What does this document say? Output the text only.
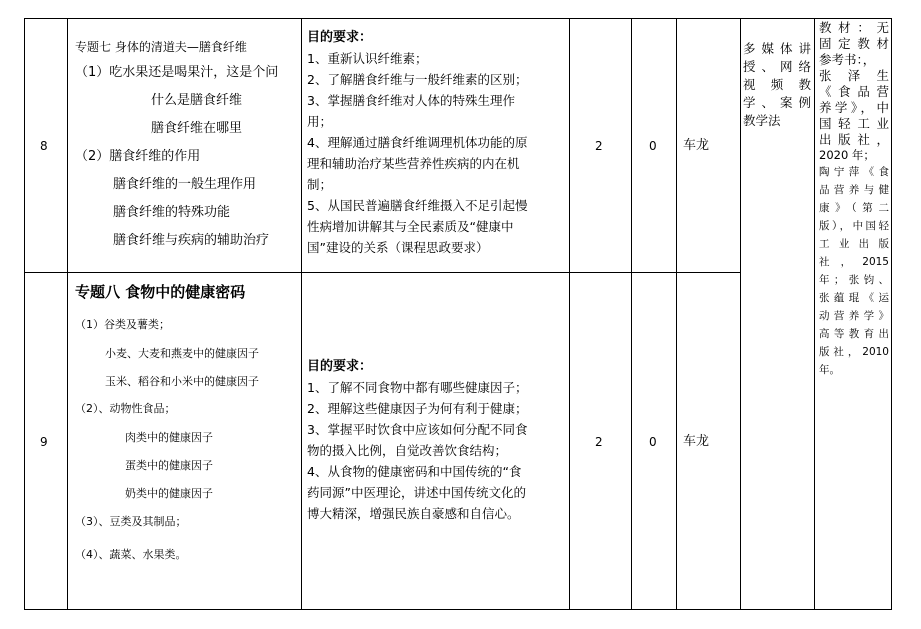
8
专题七 身体的清道夫—膳食纤维
（1）吃水果还是喝果汁，这是个问
什么是膳食纤维
膳食纤维在哪里
（2）膳食纤维的作用
膳食纤维的一般生理作用
膳食纤维的特殊功能
膳食纤维与疾病的辅助治疗
目的要求：
1、重新认识纤维素；
2、了解膳食纤维与一般纤维素的区别；
3、掌握膳食纤维对人体的特殊生理作
用；
4、理解通过膳食纤维调理机体功能的原
理和辅助治疗某些营养性疾病的内在机
制；
5、从国民普遍膳食纤维摄入不足引起慢
性病增加讲解其与全民素质及“健康中
国”建设的关系（课程思政要求）
2	0 车龙
9
专题八 食物中的健康密码
（1）谷类及薯类；
小麦、大麦和燕麦中的健康因子
玉米、稻谷和小米中的健康因子
（2）、动物性食品；
肉类中的健康因子
蛋类中的健康因子
奶类中的健康因子
（3）、豆类及其制品；
（4）、蔬菜、水果类。
目的要求：
1、了解不同食物中都有哪些健康因子；
2、理解这些健康因子为何有利于健康；
3、掌握平时饮食中应该如何分配不同食
物的摄入比例，自觉改善饮食结构；
4、从食物的健康密码和中国传统的“食
药同源”中医理论，讲述中国传统文化的
博大精深，增强民族自豪感和自信心。
2	0 车龙
多媒体讲
授、网络
视频教
学、案例
教学法
教材：无
固定教材
参考书：，
张泽生
《食品营
养学》，中
国轻工业
出版社，
2020 年；
陶宁萍《食
品营养与健
康》（第二
版），中国轻
工业出版
社，2015
年；张钧、
张蕴琨《运
动营养学》
高等教育出
版社，2010
年。
